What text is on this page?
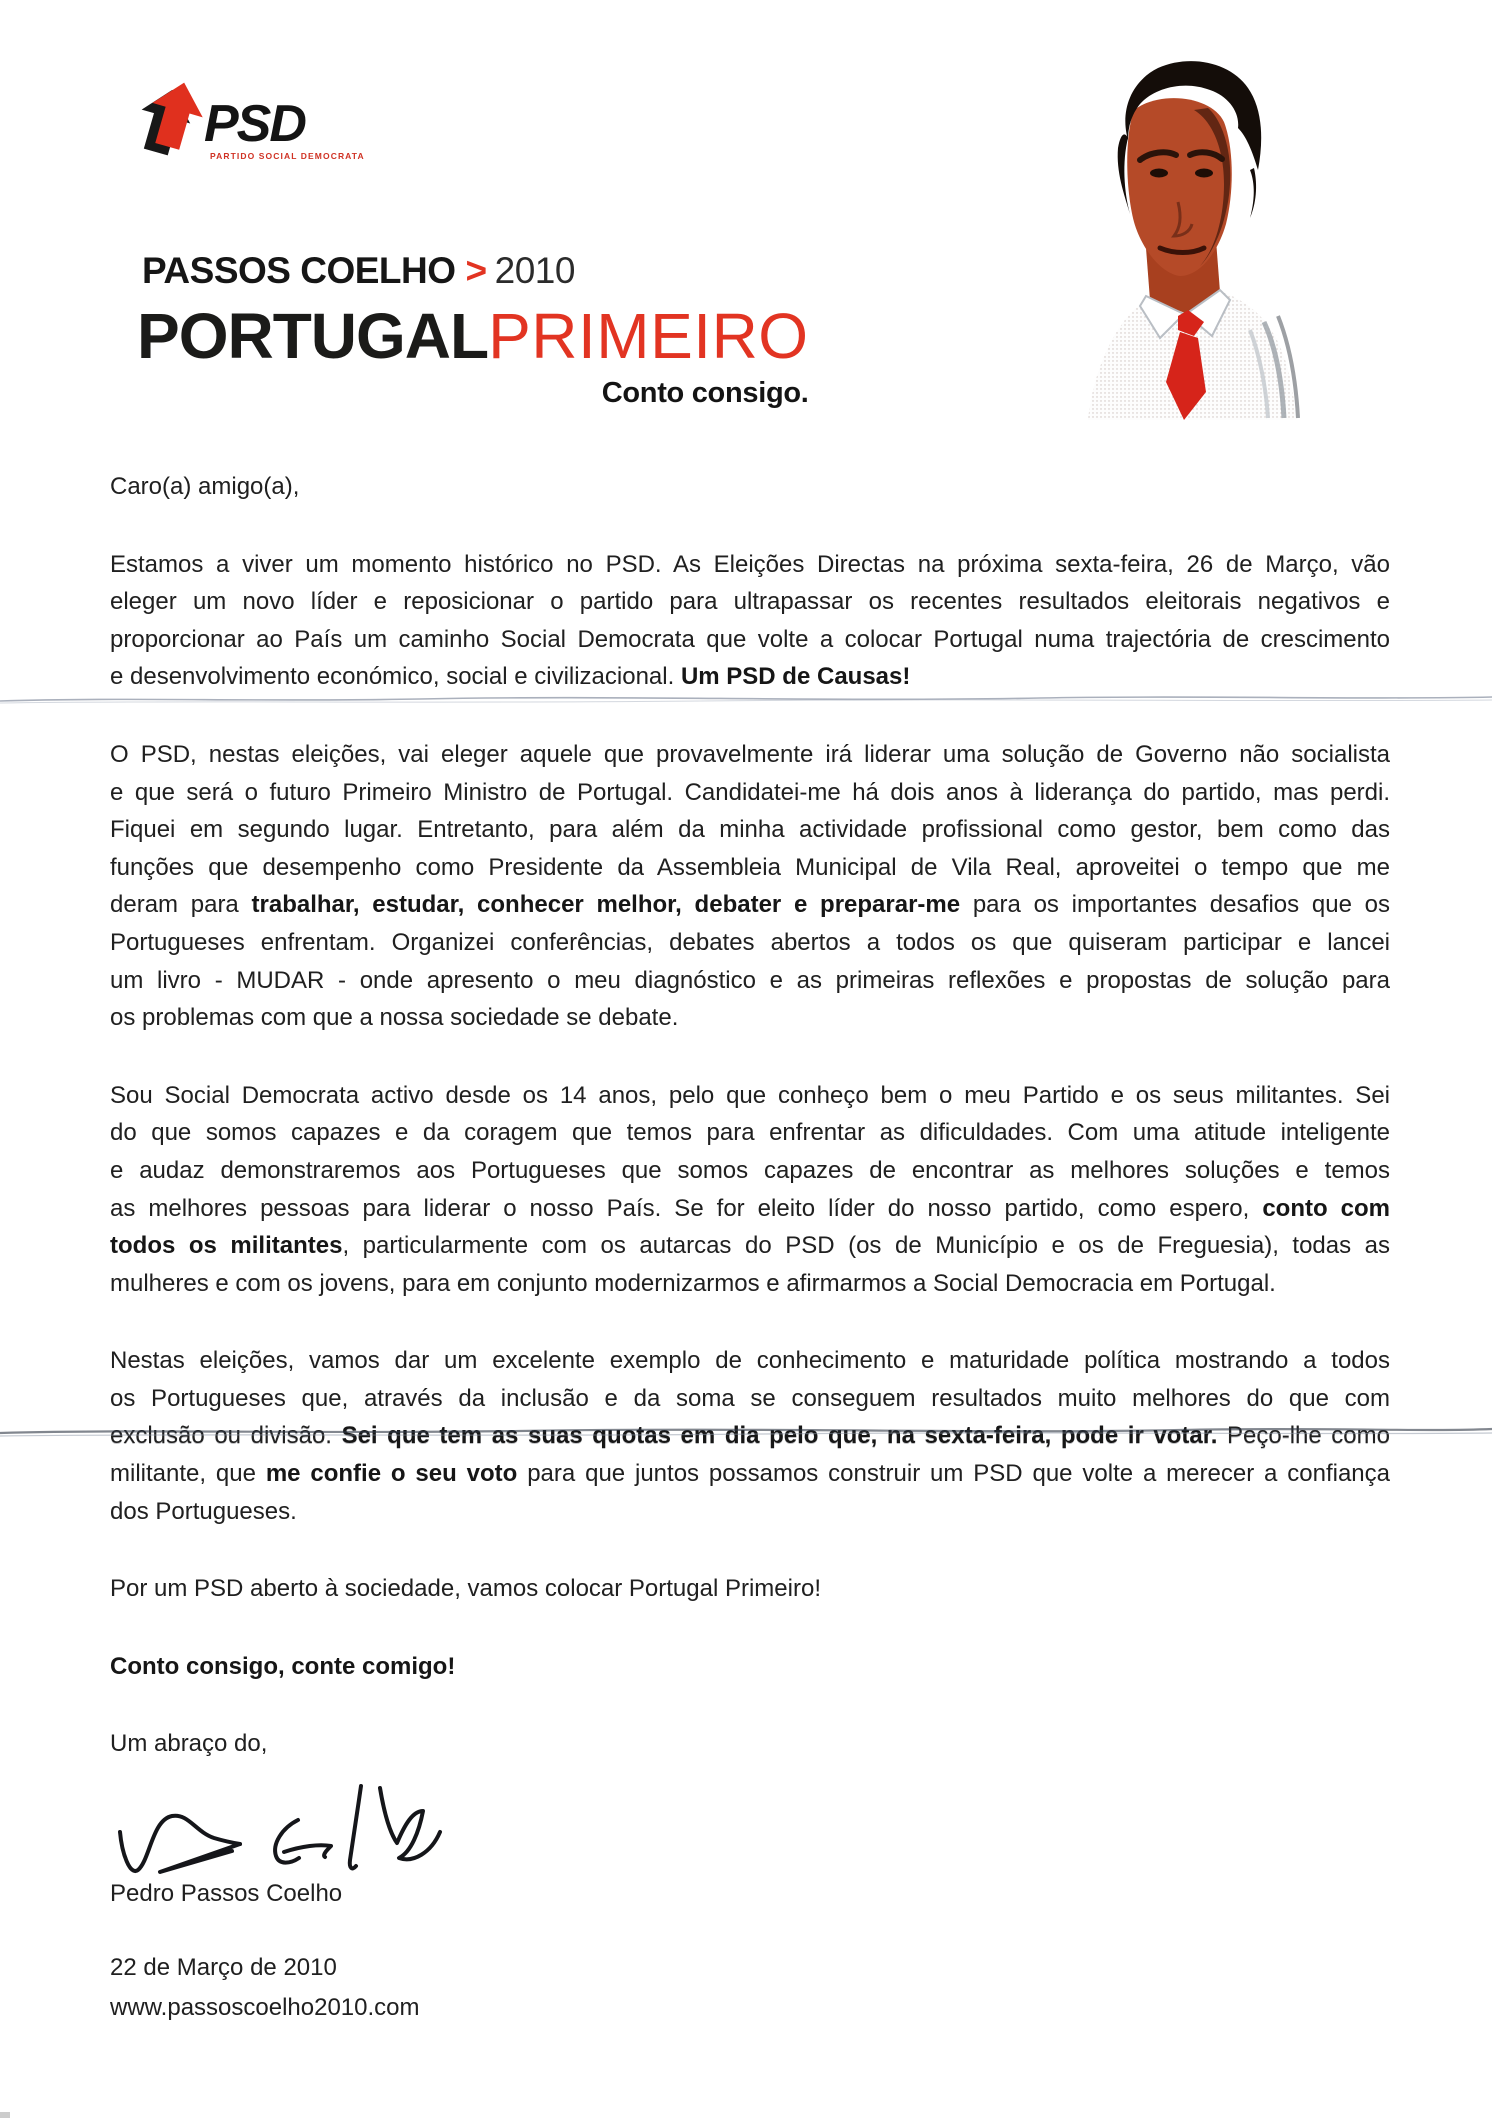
PSD
PARTIDO SOCIAL DEMOCRATA
PASSOS COELHO > 2010
PORTUGALPRIMEIRO
Conto consigo.
Caro(a) amigo(a),
Estamos a viver um momento histórico no PSD. As Eleições Directas na próxima sexta-feira, 26 de Março, vão
eleger um novo líder e reposicionar o partido para ultrapassar os recentes resultados eleitorais negativos e
proporcionar ao País um caminho Social Democrata que volte a colocar Portugal numa trajectória de crescimento
e desenvolvimento económico, social e civilizacional. Um PSD de Causas!
O PSD, nestas eleições, vai eleger aquele que provavelmente irá liderar uma solução de Governo não socialista
e que será o futuro Primeiro Ministro de Portugal. Candidatei-me há dois anos à liderança do partido, mas perdi.
Fiquei em segundo lugar. Entretanto, para além da minha actividade profissional como gestor, bem como das
funções que desempenho como Presidente da Assembleia Municipal de Vila Real, aproveitei o tempo que me
deram para trabalhar, estudar, conhecer melhor, debater e preparar-me para os importantes desafios que os
Portugueses enfrentam. Organizei conferências, debates abertos a todos os que quiseram participar e lancei
um livro - MUDAR - onde apresento o meu diagnóstico e as primeiras reflexões e propostas de solução para
os problemas com que a nossa sociedade se debate.
Sou Social Democrata activo desde os 14 anos, pelo que conheço bem o meu Partido e os seus militantes. Sei
do que somos capazes e da coragem que temos para enfrentar as dificuldades. Com uma atitude inteligente
e audaz demonstraremos aos Portugueses que somos capazes de encontrar as melhores soluções e temos
as melhores pessoas para liderar o nosso País. Se for eleito líder do nosso partido, como espero, conto com
todos os militantes, particularmente com os autarcas do PSD (os de Município e os de Freguesia), todas as
mulheres e com os jovens, para em conjunto modernizarmos e afirmarmos a Social Democracia em Portugal.
Nestas eleições, vamos dar um excelente exemplo de conhecimento e maturidade política mostrando a todos
os Portugueses que, através da inclusão e da soma se conseguem resultados muito melhores do que com
exclusão ou divisão. Sei que tem as suas quotas em dia pelo que, na sexta-feira, pode ir votar. Peço-lhe como
militante, que me confie o seu voto para que juntos possamos construir um PSD que volte a merecer a confiança
dos Portugueses.
Por um PSD aberto à sociedade, vamos colocar Portugal Primeiro!
Conto consigo, conte comigo!
Um abraço do,
Pedro Passos Coelho
22 de Março de 2010
www.passoscoelho2010.com
